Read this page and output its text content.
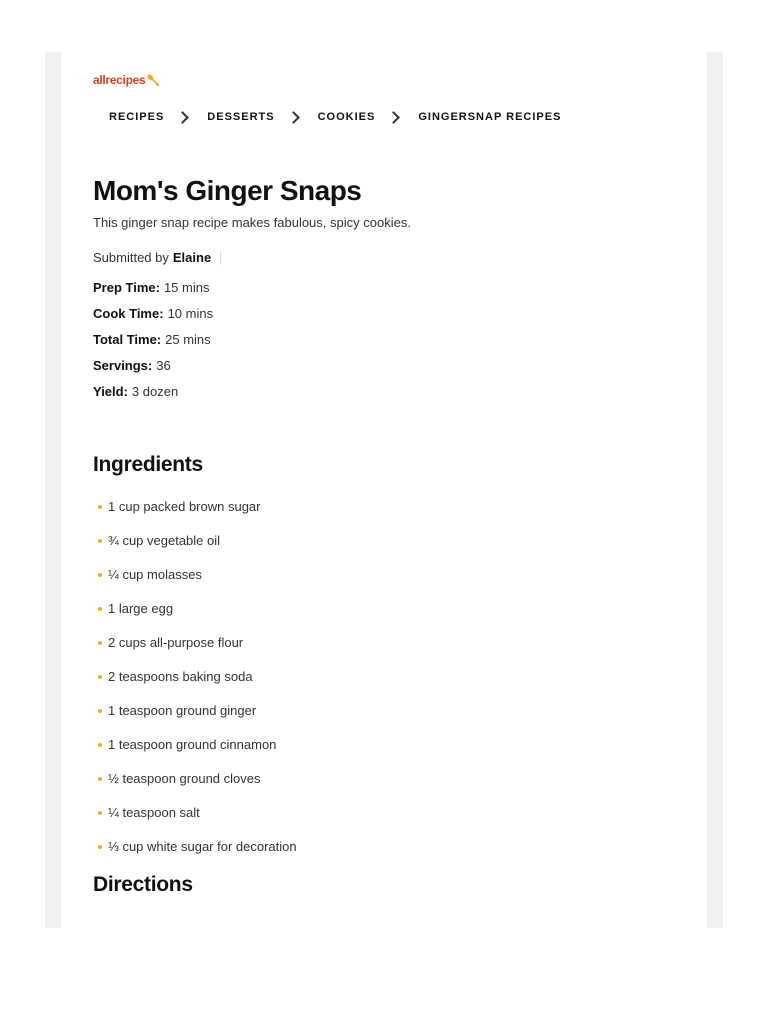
allrecipes🥄︎
RECIPES	DESSERTS	COOKIES	GINGERSNAP RECIPES
Mom's Ginger Snaps
This ginger snap recipe makes fabulous, spicy cookies.
Submitted by Elaine
Prep Time: 15 mins
Cook Time: 10 mins
Total Time: 25 mins
Servings: 36
Yield: 3 dozen
Ingredients
1 cup packed brown sugar
¾ cup vegetable oil
¼ cup molasses
1 large egg
2 cups all-purpose flour
2 teaspoons baking soda
1 teaspoon ground ginger
1 teaspoon ground cinnamon
½ teaspoon ground cloves
¼ teaspoon salt
⅓ cup white sugar for decoration
Directions
